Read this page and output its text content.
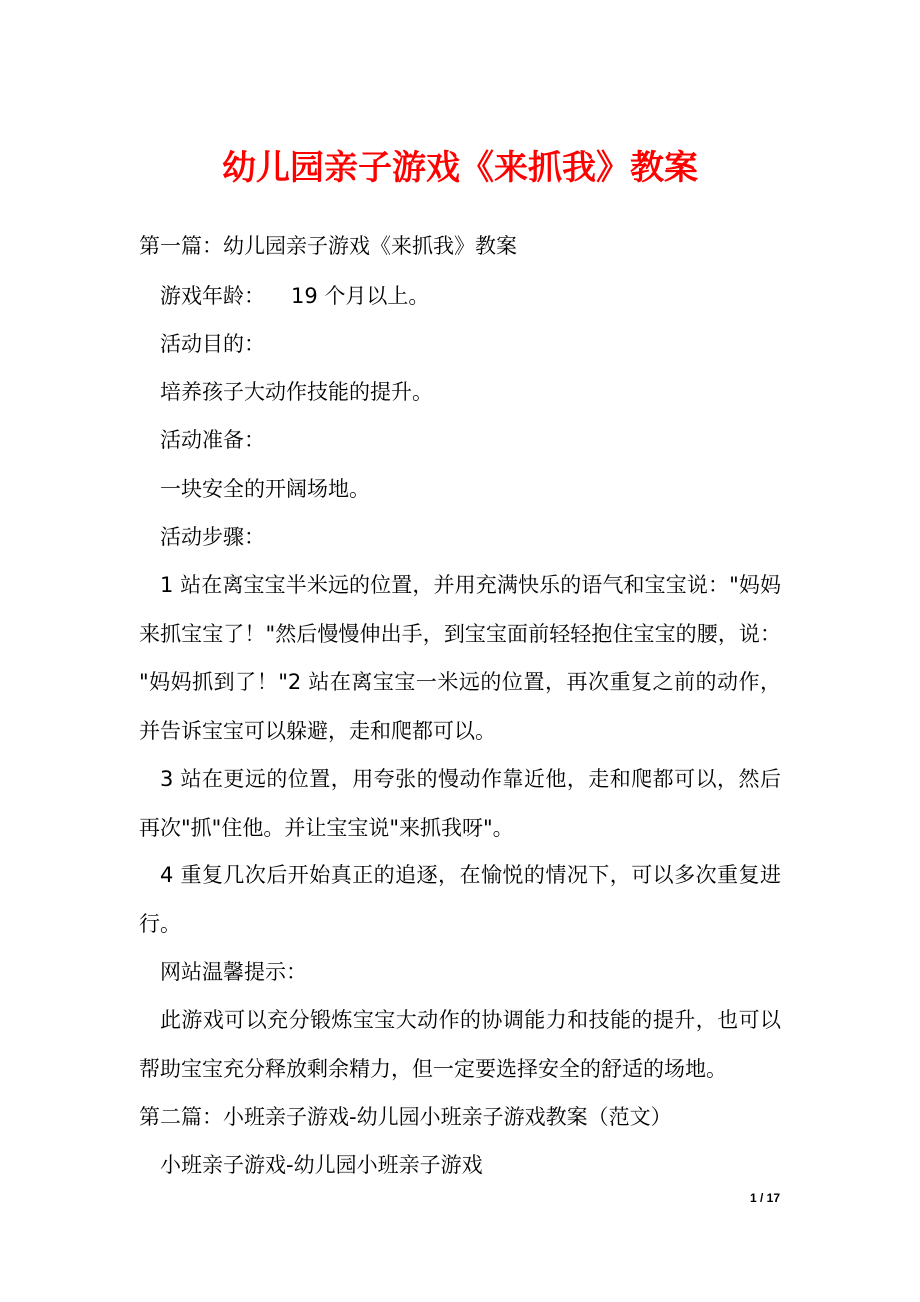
幼儿园亲子游戏《来抓我》教案

第一篇：幼儿园亲子游戏《来抓我》教案

游戏年龄： 19 个月以上。

活动目的：

培养孩子大动作技能的提升。

活动准备：

一块安全的开阔场地。

活动步骤：

1 站在离宝宝半米远的位置，并用充满快乐的语气和宝宝说："妈妈来抓宝宝了！"然后慢慢伸出手，到宝宝面前轻轻抱住宝宝的腰，说："妈妈抓到了！"2 站在离宝宝一米远的位置，再次重复之前的动作，并告诉宝宝可以躲避，走和爬都可以。

3 站在更远的位置，用夸张的慢动作靠近他，走和爬都可以，然后再次"抓"住他。并让宝宝说"来抓我呀"。

4 重复几次后开始真正的追逐，在愉悦的情况下，可以多次重复进行。

网站温馨提示：

此游戏可以充分锻炼宝宝大动作的协调能力和技能的提升，也可以帮助宝宝充分释放剩余精力，但一定要选择安全的舒适的场地。

第二篇：小班亲子游戏-幼儿园小班亲子游戏教案（范文）

小班亲子游戏-幼儿园小班亲子游戏

1 / 17
